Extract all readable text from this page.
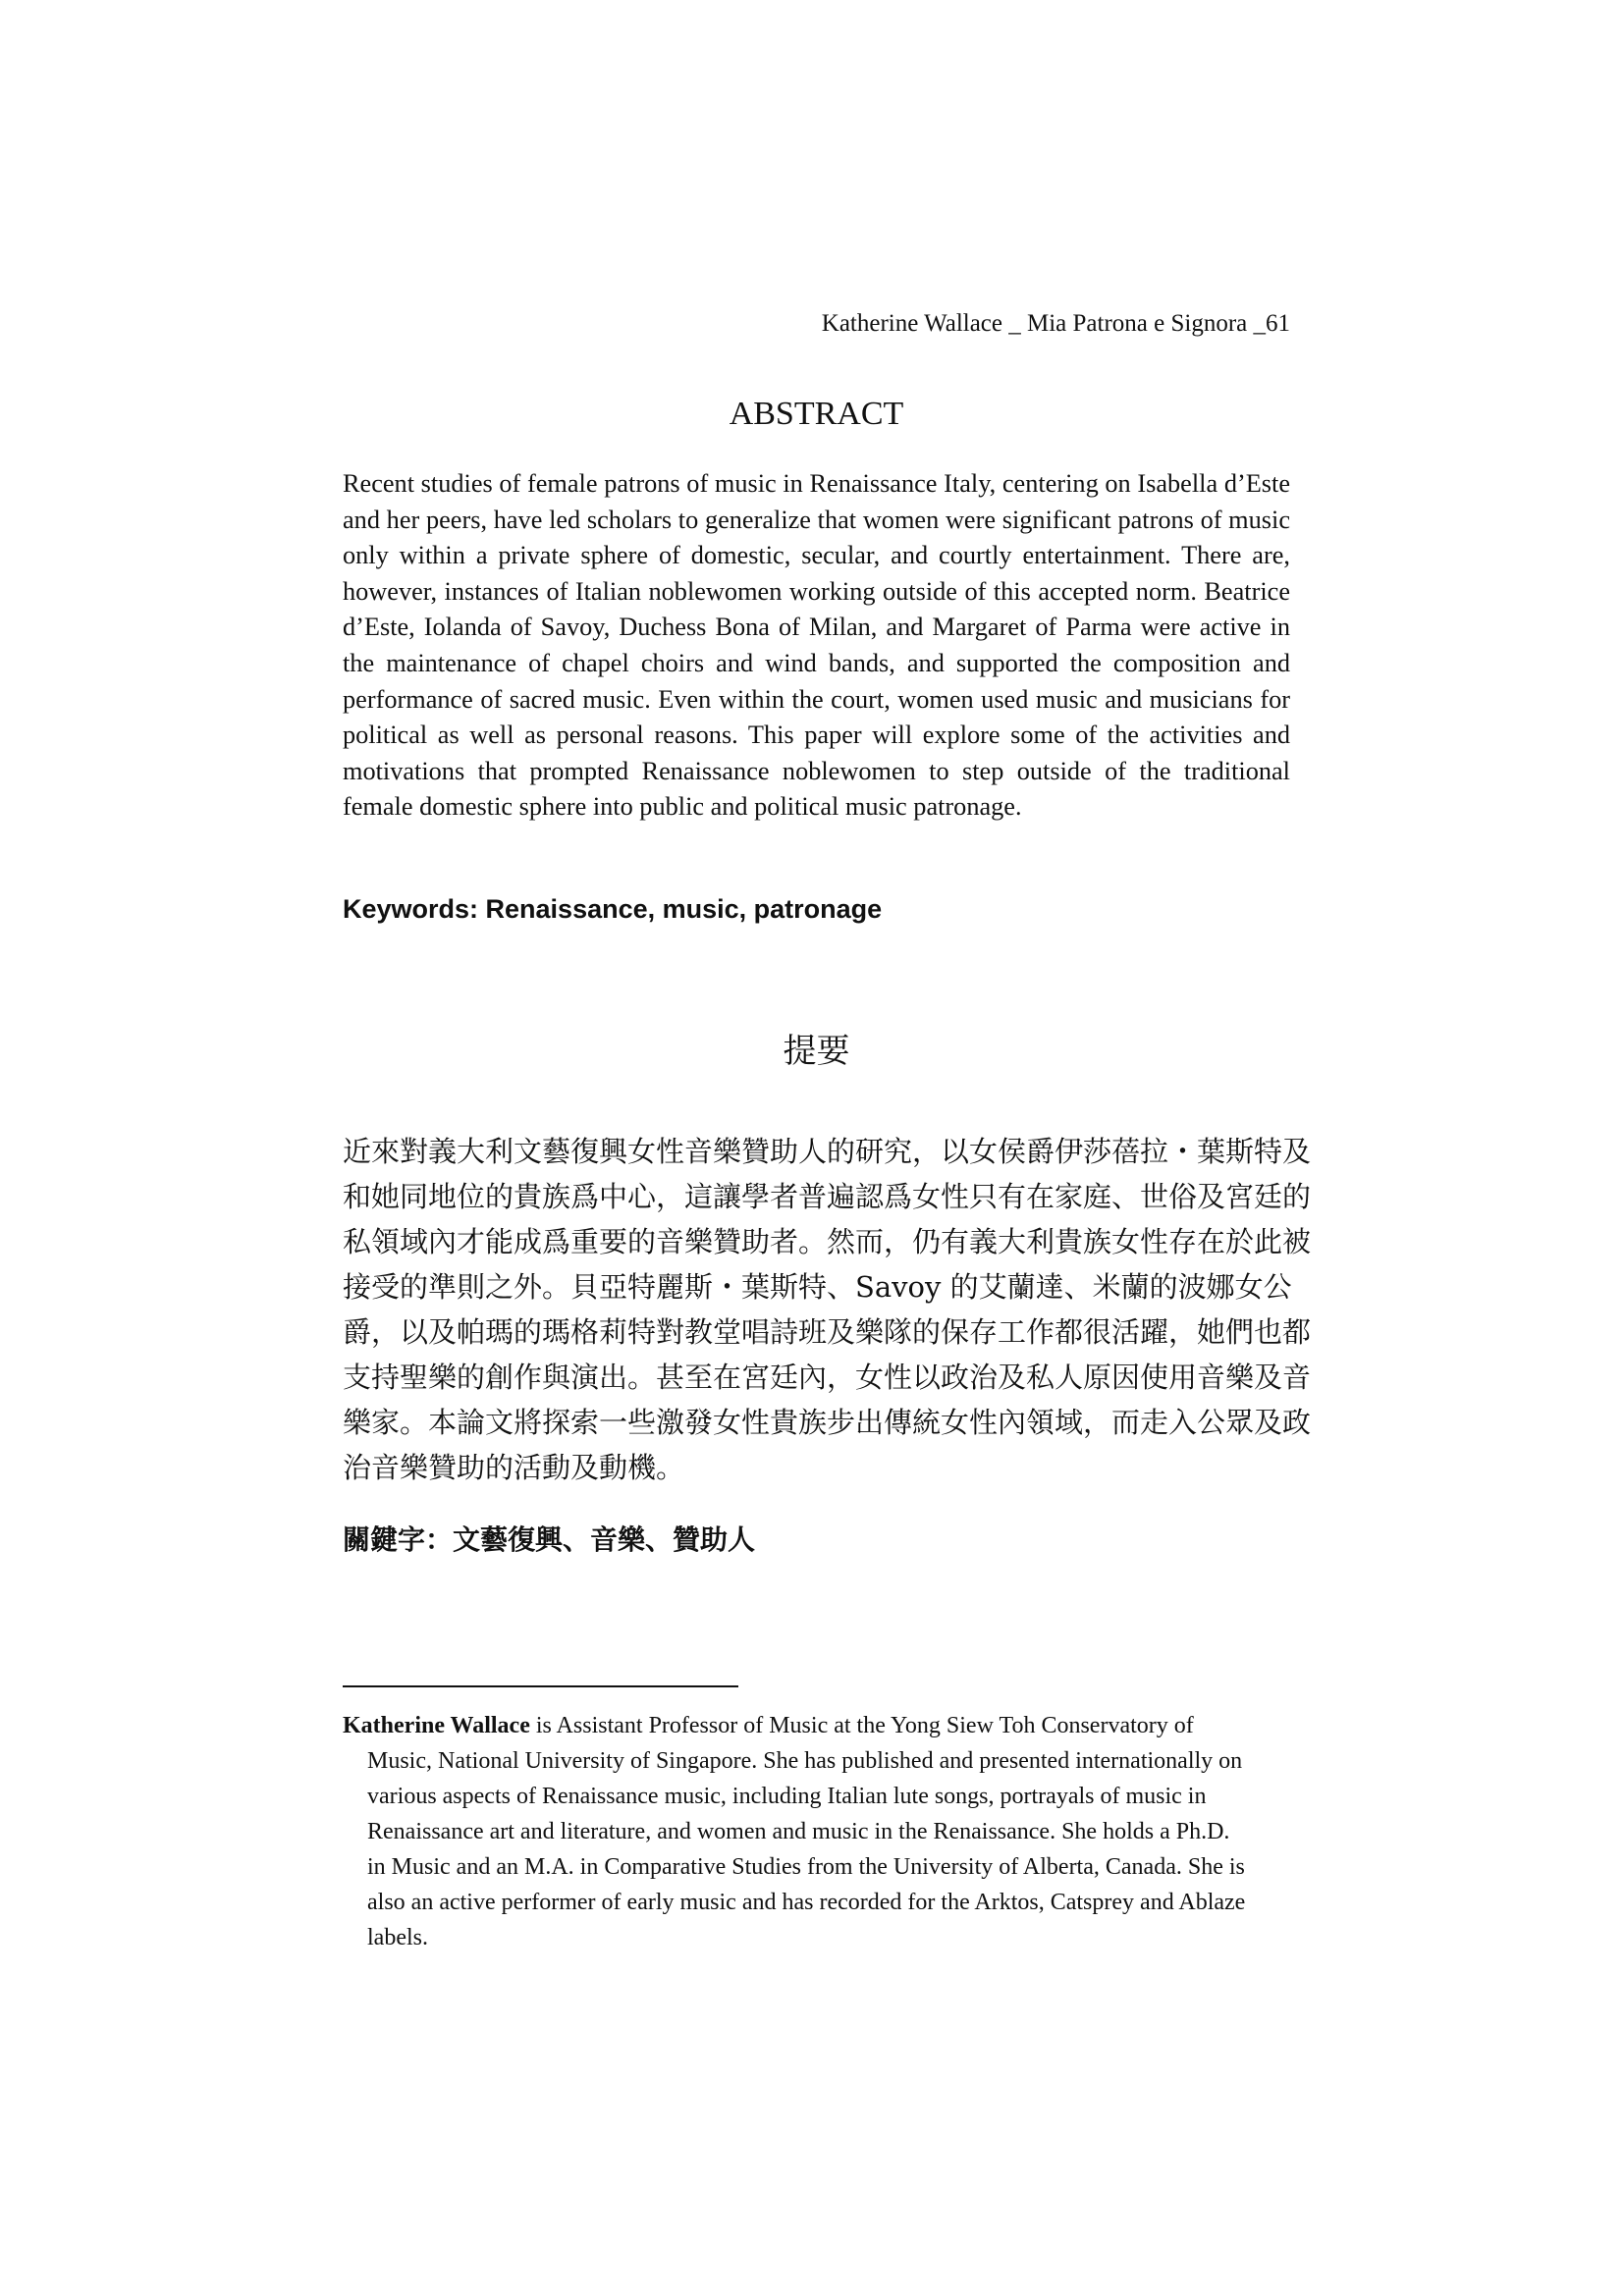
Katherine Wallace _ Mia Patrona e Signora _61
ABSTRACT

Recent studies of female patrons of music in Renaissance Italy, centering on Isabella d’Este and her peers, have led scholars to generalize that women were significant patrons of music only within a private sphere of domestic, secular, and courtly entertainment. There are, however, instances of Italian noblewomen working outside of this accepted norm. Beatrice d’Este, Iolanda of Savoy, Duchess Bona of Milan, and Margaret of Parma were active in the maintenance of chapel choirs and wind bands, and supported the composition and performance of sacred music. Even within the court, women used music and musicians for political as well as personal reasons. This paper will explore some of the activities and motivations that prompted Renaissance noblewomen to step outside of the traditional female domestic sphere into public and political music patronage.

Keywords: Renaissance, music, patronage

提要
近來對義大利文藝復興女性音樂贊助人的研究，以女侯爵伊莎蓓拉・葉斯特及
和她同地位的貴族爲中心，這讓學者普遍認爲女性只有在家庭、世俗及宮廷的
私領域內才能成爲重要的音樂贊助者。然而，仍有義大利貴族女性存在於此被
接受的準則之外。貝亞特麗斯・葉斯特、Savoy 的艾蘭達、米蘭的波娜女公
爵，以及帕瑪的瑪格莉特對教堂唱詩班及樂隊的保存工作都很活躍，她們也都
支持聖樂的創作與演出。甚至在宮廷內，女性以政治及私人原因使用音樂及音
樂家。本論文將探索一些激發女性貴族步出傳統女性內領域，而走入公眾及政
治音樂贊助的活動及動機。

關鍵字：文藝復興、音樂、贊助人

Katherine Wallace is Assistant Professor of Music at the Yong Siew Toh Conservatory of
Music, National University of Singapore. She has published and presented internationally on
various aspects of Renaissance music, including Italian lute songs, portrayals of music in
Renaissance art and literature, and women and music in the Renaissance. She holds a Ph.D.
in Music and an M.A. in Comparative Studies from the University of Alberta, Canada. She is
also an active performer of early music and has recorded for the Arktos, Catsprey and Ablaze
labels.
